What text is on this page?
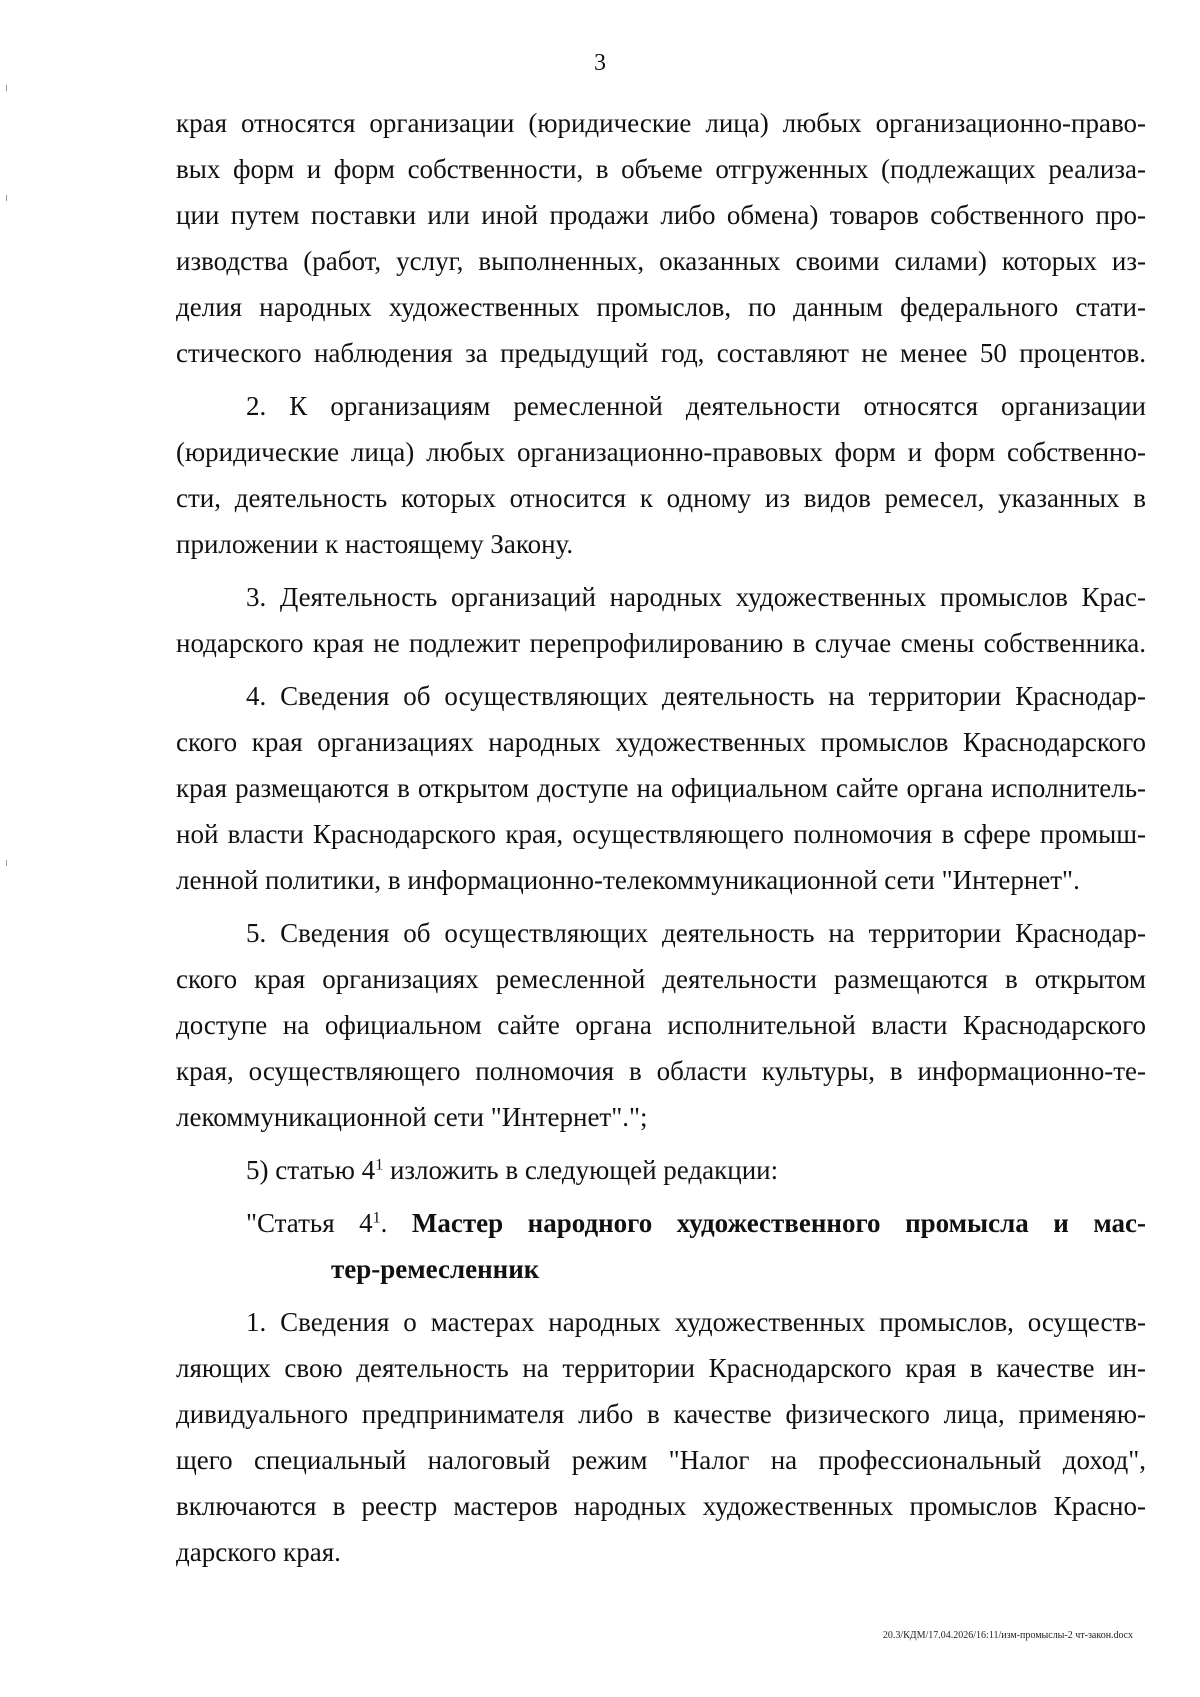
3
края относятся организации (юридические лица) любых организационно-право-
вых форм и форм собственности, в объеме отгруженных (подлежащих реализа-
ции путем поставки или иной продажи либо обмена) товаров собственного про-
изводства (работ, услуг, выполненных, оказанных своими силами) которых из-
делия народных художественных промыслов, по данным федерального стати-
стического наблюдения за предыдущий год, составляют не менее 50 процентов.
2. К организациям ремесленной деятельности относятся организации
(юридические лица) любых организационно-правовых форм и форм собственно-
сти, деятельность которых относится к одному из видов ремесел, указанных в
приложении к настоящему Закону.
3. Деятельность организаций народных художественных промыслов Крас-
нодарского края не подлежит перепрофилированию в случае смены собственника.
4. Сведения об осуществляющих деятельность на территории Краснодар-
ского края организациях народных художественных промыслов Краснодарского
края размещаются в открытом доступе на официальном сайте органа исполнитель-
ной власти Краснодарского края, осуществляющего полномочия в сфере промыш-
ленной политики, в информационно-телекоммуникационной сети "Интернет".
5. Сведения об осуществляющих деятельность на территории Краснодар-
ского края организациях ремесленной деятельности размещаются в открытом
доступе на официальном сайте органа исполнительной власти Краснодарского
края, осуществляющего полномочия в области культуры, в информационно-те-
лекоммуникационной сети "Интернет".";
5) статью $4^1$ изложить в следующей редакции:
"Статья $4^1$. Мастер народного художественного промысла и мас-
тер-ремесленник
1. Сведения о мастерах народных художественных промыслов, осуществ-
ляющих свою деятельность на территории Краснодарского края в качестве ин-
дивидуального предпринимателя либо в качестве физического лица, применяю-
щего специальный налоговый режим "Налог на профессиональный доход",
включаются в реестр мастеров народных художественных промыслов Красно-
дарского края.
20.3/КДМ/17.04.2026/16:11/изм-промыслы-2 чт-закон.docx
